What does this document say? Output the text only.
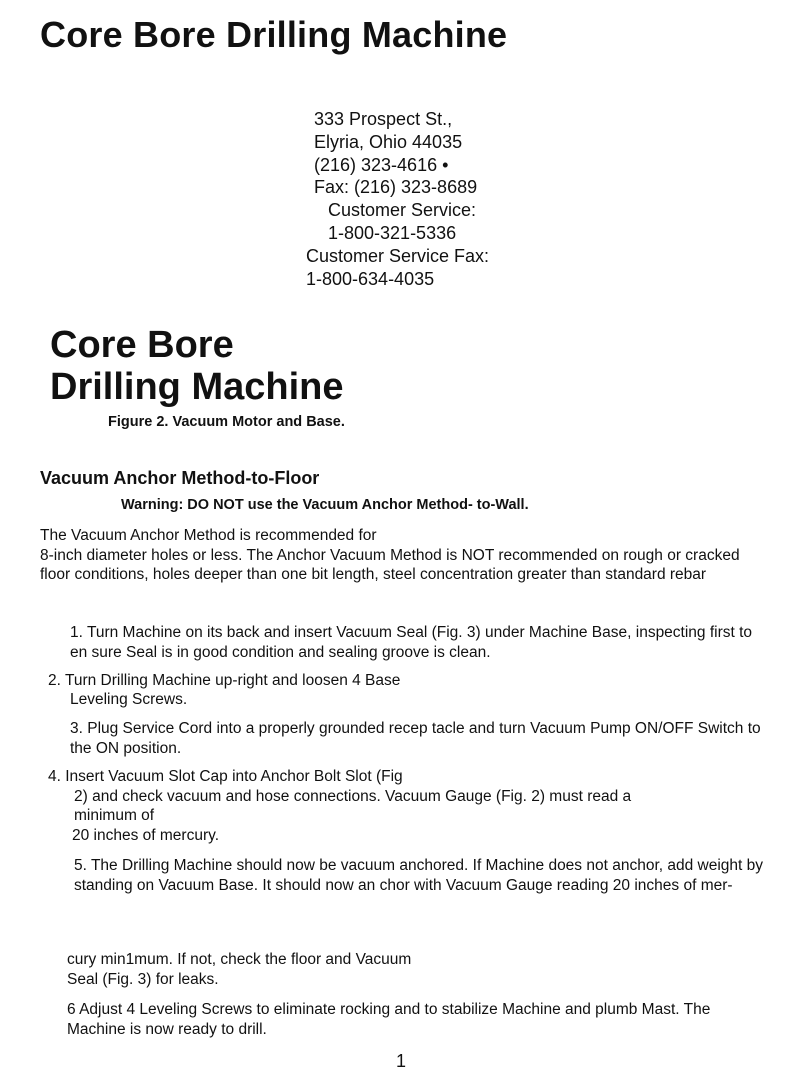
Core Bore Drilling Machine
333 Prospect St.,
Elyria, Ohio 44035
(216) 323-4616 •
Fax: (216) 323-8689
Customer Service:
1-800-321-5336
Customer Service Fax:
1-800-634-4035
Core Bore
Drilling Machine
Figure 2. Vacuum Motor and Base.
Vacuum Anchor Method-to-Floor
Warning: DO NOT use the Vacuum Anchor Method- to-Wall.
The Vacuum Anchor Method is recommended for
8-inch diameter holes or less. The Anchor Vacuum Method is NOT recommended on rough or cracked floor conditions, holes deeper than one bit length, steel concentration greater than standard rebar
1. Turn Machine on its back and insert Vacuum Seal (Fig. 3) under Machine Base, inspecting first to en sure Seal is in good condition and sealing groove is clean.
2. Turn Drilling Machine up-right and loosen 4 Base
Leveling Screws.
3. Plug Service Cord into a properly grounded recep tacle and turn Vacuum Pump ON/OFF Switch to the ON position.
4. Insert Vacuum Slot Cap into Anchor Bolt Slot (Fig
2) and check vacuum and hose connections. Vacuum Gauge (Fig. 2) must read a
minimum of
20 inches of mercury.
5. The Drilling Machine should now be vacuum anchored. If Machine does not anchor, add weight by standing on Vacuum Base. It should now an chor with Vacuum Gauge reading 20 inches of mer-
cury min1mum. If not, check the floor and Vacuum
Seal (Fig. 3) for leaks.
6 Adjust 4 Leveling Screws to eliminate rocking and to stabilize Machine and plumb Mast. The Machine is now ready to drill.
1
